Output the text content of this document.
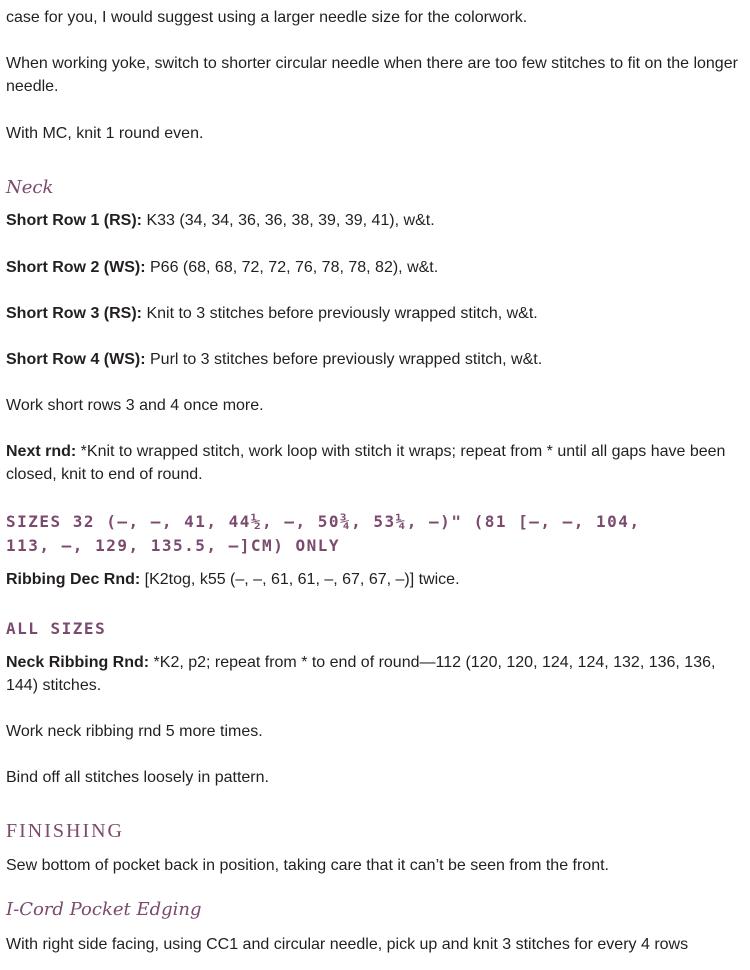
case for you, I would suggest using a larger needle size for the colorwork.
When working yoke, switch to shorter circular needle when there are too few stitches to fit on the longer needle.
With MC, knit 1 round even.
Neck
Short Row 1 (RS): K33 (34, 34, 36, 36, 38, 39, 39, 41), w&t.
Short Row 2 (WS): P66 (68, 68, 72, 72, 76, 78, 78, 82), w&t.
Short Row 3 (RS): Knit to 3 stitches before previously wrapped stitch, w&t.
Short Row 4 (WS): Purl to 3 stitches before previously wrapped stitch, w&t.
Work short rows 3 and 4 once more.
Next rnd: *Knit to wrapped stitch, work loop with stitch it wraps; repeat from * until all gaps have been closed, knit to end of round.
SIZES 32 (–, –, 41, 44½, –, 50¾, 53¼, –)" (81 [–, –, 104, 113, –, 129, 135.5, –]CM) ONLY
Ribbing Dec Rnd: [K2tog, k55 (–, –, 61, 61, –, 67, 67, –)] twice.
ALL SIZES
Neck Ribbing Rnd: *K2, p2; repeat from * to end of round—112 (120, 120, 124, 124, 132, 136, 136, 144) stitches.
Work neck ribbing rnd 5 more times.
Bind off all stitches loosely in pattern.
FINISHING
Sew bottom of pocket back in position, taking care that it can’t be seen from the front.
I-Cord Pocket Edging
With right side facing, using CC1 and circular needle, pick up and knit 3 stitches for every 4 rows
